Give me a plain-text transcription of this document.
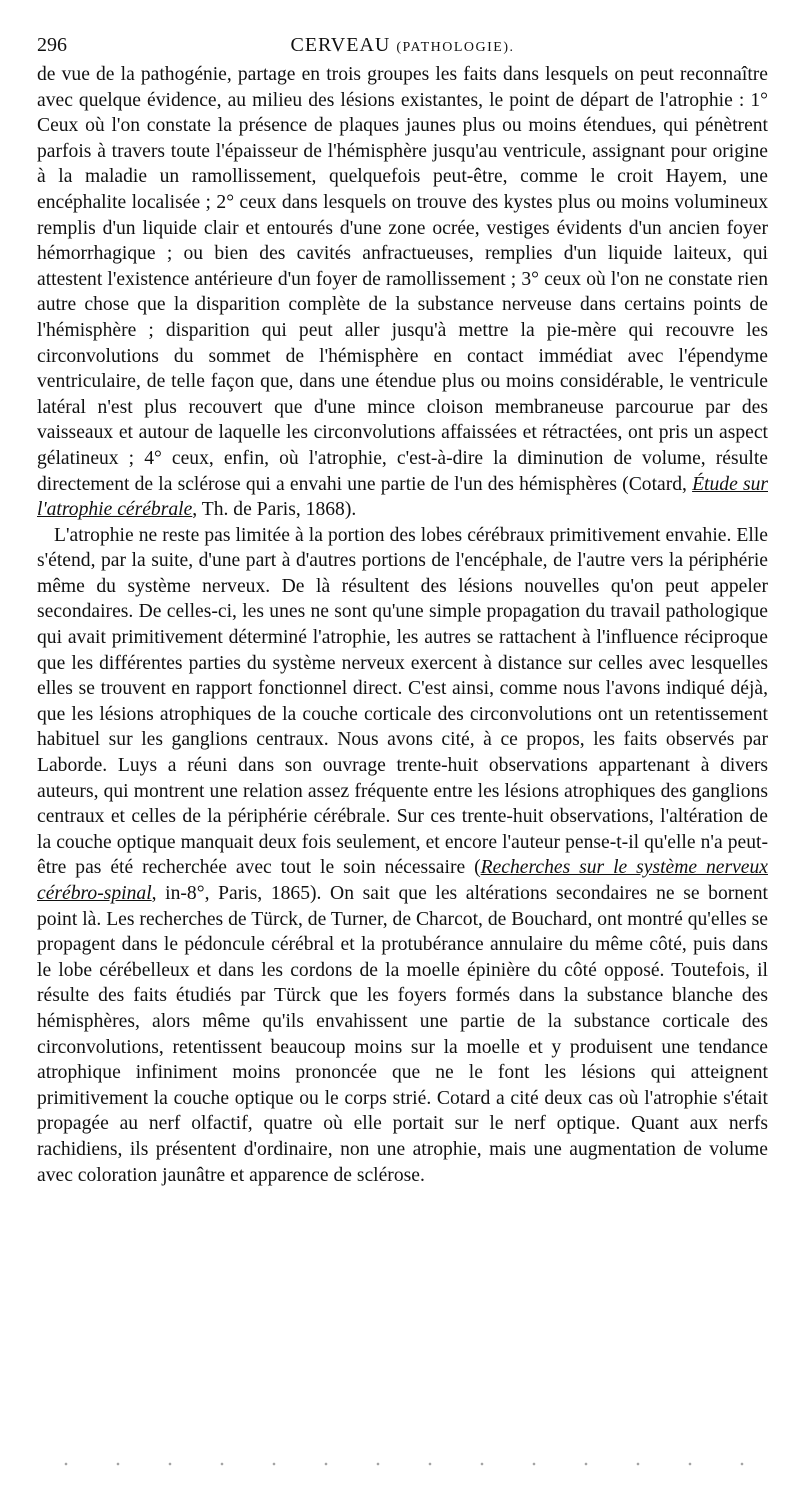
296	CERVEAU (PATHOLOGIE).

de vue de la pathogénie, partage en trois groupes les faits dans lesquels on peut reconnaître avec quelque évidence, au milieu des lésions existantes, le point de départ de l'atrophie : 1° Ceux où l'on constate la présence de plaques jaunes plus ou moins étendues, qui pénètrent parfois à travers toute l'épaisseur de l'hémisphère jusqu'au ventricule, assignant pour origine à la maladie un ramollissement, quelquefois peut-être, comme le croit Hayem, une encéphalite localisée ; 2° ceux dans lesquels on trouve des kystes plus ou moins volumineux remplis d'un liquide clair et entourés d'une zone ocrée, vestiges évidents d'un ancien foyer hémorrhagique ; ou bien des cavités anfractueuses, remplies d'un liquide laiteux, qui attestent l'existence antérieure d'un foyer de ramollissement ; 3° ceux où l'on ne constate rien autre chose que la disparition complète de la substance nerveuse dans certains points de l'hémisphère ; disparition qui peut aller jusqu'à mettre la pie-mère qui recouvre les circonvolutions du sommet de l'hémisphère en contact immédiat avec l'épendyme ventriculaire, de telle façon que, dans une étendue plus ou moins considérable, le ventricule latéral n'est plus recouvert que d'une mince cloison membraneuse parcourue par des vaisseaux et autour de laquelle les circonvolutions affaissées et rétractées, ont pris un aspect gélatineux ; 4° ceux, enfin, où l'atrophie, c'est-à-dire la diminution de volume, résulte directement de la sclérose qui a envahi une partie de l'un des hémisphères (Cotard, Étude sur l'atrophie cérébrale, Th. de Paris, 1868).

L'atrophie ne reste pas limitée à la portion des lobes cérébraux primitivement envahie. Elle s'étend, par la suite, d'une part à d'autres portions de l'encéphale, de l'autre vers la périphérie même du système nerveux. De là résultent des lésions nouvelles qu'on peut appeler secondaires. De celles-ci, les unes ne sont qu'une simple propagation du travail pathologique qui avait primitivement déterminé l'atrophie, les autres se rattachent à l'influence réciproque que les différentes parties du système nerveux exercent à distance sur celles avec lesquelles elles se trouvent en rapport fonctionnel direct. C'est ainsi, comme nous l'avons indiqué déjà, que les lésions atrophiques de la couche corticale des circonvolutions ont un retentissement habituel sur les ganglions centraux. Nous avons cité, à ce propos, les faits observés par Laborde. Luys a réuni dans son ouvrage trente-huit observations appartenant à divers auteurs, qui montrent une relation assez fréquente entre les lésions atrophiques des ganglions centraux et celles de la périphérie cérébrale. Sur ces trente-huit observations, l'altération de la couche optique manquait deux fois seulement, et encore l'auteur pense-t-il qu'elle n'a peut-être pas été recherchée avec tout le soin nécessaire (Recherches sur le système nerveux cérébro-spinal, in-8°, Paris, 1865). On sait que les altérations secondaires ne se bornent point là. Les recherches de Türck, de Turner, de Charcot, de Bouchard, ont montré qu'elles se propagent dans le pédoncule cérébral et la protubérance annulaire du même côté, puis dans le lobe cérébelleux et dans les cordons de la moelle épinière du côté opposé. Toutefois, il résulte des faits étudiés par Türck que les foyers formés dans la substance blanche des hémisphères, alors même qu'ils envahissent une partie de la substance corticale des circonvolutions, retentissent beaucoup moins sur la moelle et y produisent une tendance atrophique infiniment moins prononcée que ne le font les lésions qui atteignent primitivement la couche optique ou le corps strié. Cotard a cité deux cas où l'atrophie s'était propagée au nerf olfactif, quatre où elle portait sur le nerf optique. Quant aux nerfs rachidiens, ils présentent d'ordinaire, non une atrophie, mais une augmentation de volume avec coloration jaunâtre et apparence de sclérose.
